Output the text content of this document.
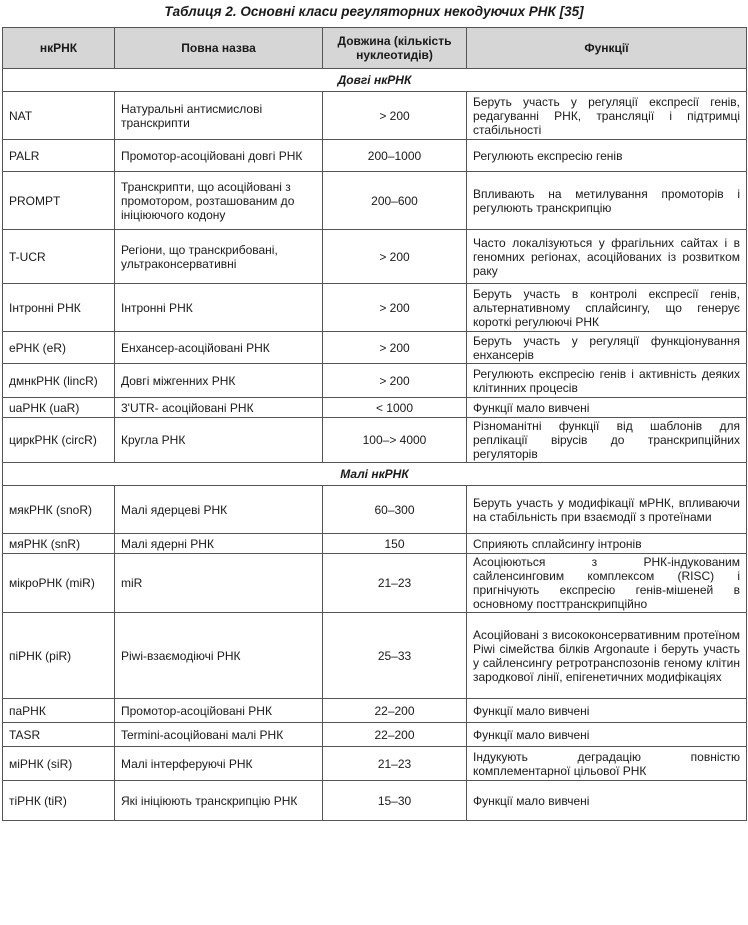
Таблиця 2. Основні класи регуляторних некодуючих РНК [35]
нкРНК	Повна назва	Довжина (кількість нуклеотидів)	Функції
Довгі нкРНК			
NAT	Натуральні антисмислові транскрипти	> 200	Беруть участь у регуляції експресії генів, редагуванні РНК, трансляції і підтримці стабільності
PALR	Промотор-асоційовані довгі РНК	200–1000	Регулюють експресію генів
PROMPT	Транскрипти, що асоційовані з промотором, розташованим до ініціюючого кодону	200–600	Впливають на метилування промоторів і регулюють транскрипцію
T-UCR	Регіони, що транскрибовані, ультраконсервативні	> 200	Часто локалізуються у фрагільних сайтах і в геномних регіонах, асоційованих із розвитком раку
Інтронні РНК	Інтронні РНК	> 200	Беруть участь в контролі експресії генів, альтернативному сплайсингу, що генерує короткі регулюючі РНК
еРНК (eR)	Енхансер-асоційовані РНК	> 200	Беруть участь у регуляції функціонування енхансерів
дмнкРНК (lincR)	Довгі міжгенних РНК	> 200	Регулюють експресію генів і активність деяких клітинних процесів
uaРНК (uaR)	3'UTR- асоційовані РНК	< 1000	Функції мало вивчені
циркРНК (circR)	Кругла РНК	100–> 4000	Різноманітні функції від шаблонів для реплікації вірусів до транскрипційних регуляторів
Малі нкРНК			
мякРНК (snoR)	Малі ядерцеві РНК	60–300	Беруть участь у модифікації мРНК, впливаючи на стабільність при взаємодії з протеїнами
мяРНК (snR)	Малі ядерні РНК	150	Сприяють сплайсингу інтронів
мікроРНК (miR)	miR	21–23	Асоціюються з РНК-індукованим сайленсинговим комплексом (RISC) і пригнічують експресію генів-мішеней в основному посттранскрипційно
піРНК (piR)	Piwi-взаємодіючі РНК	25–33	Асоційовані з висококонсервативним протеїном Piwi сімейства білків Argonaute і беруть участь у сайленсингу ретротранспозонів геному клітин зародкової лінії, епігенетичних модифікаціях
паРНК	Промотор-асоційовані РНК	22–200	Функції мало вивчені
TASR	Termini-асоційовані малі РНК	22–200	Функції мало вивчені
міРНК (siR)	Малі інтерферуючі РНК	21–23	Індукують деградацію повністю комплементарної цільової РНК
тіРНК (tiR)	Які ініціюють транскрипцію РНК	15–30	Функції мало вивчені
